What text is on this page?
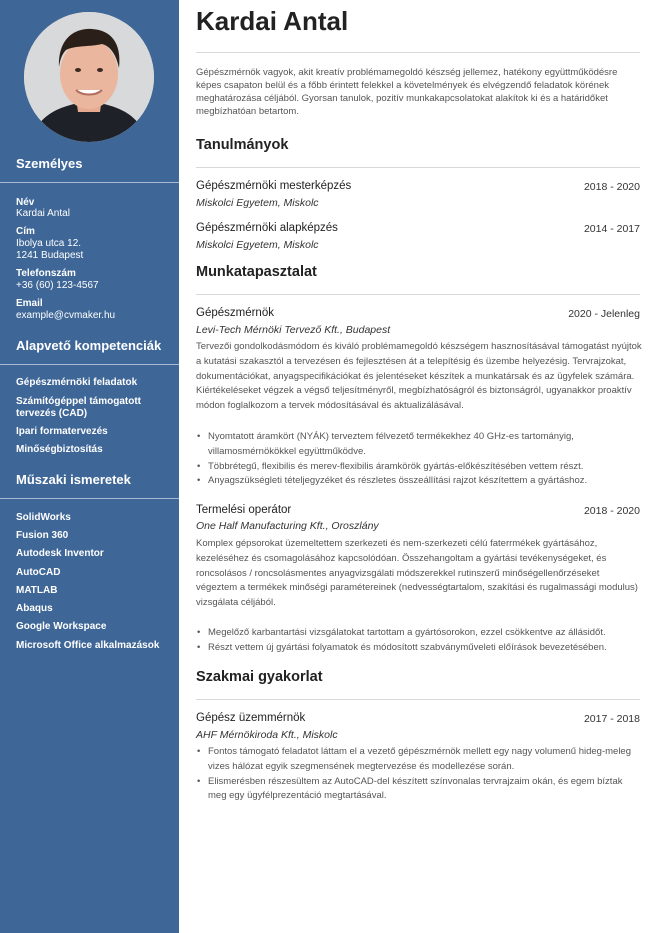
Személyes
Név
Kardai Antal
Cím
Ibolya utca 12.
1241 Budapest
Telefonszám
+36 (60) 123-4567
Email
example@cvmaker.hu
Alapvető kompetenciák
Gépészmérnöki feladatok
Számítógéppel támogatott tervezés (CAD)
Ipari formatervezés
Minőségbiztosítás
Műszaki ismeretek
SolidWorks
Fusion 360
Autodesk Inventor
AutoCAD
MATLAB
Abaqus
Google Workspace
Microsoft Office alkalmazások
Kardai Antal

Gépészmérnök vagyok, akit kreatív problémamegoldó készség jellemez, hatékony együttműködésre képes csapaton belül és a főbb érintett felekkel a követelmények és elvégzendő feladatok körének meghatározása céljából. Gyorsan tanulok, pozitív munkakapcsolatokat alakítok ki és a határidőket megbízhatóan betartom.

Tanulmányok
Gépészmérnöki mesterképzés	2018 - 2020
Miskolci Egyetem, Miskolc
Gépészmérnöki alapképzés	2014 - 2017
Miskolci Egyetem, Miskolc
Munkatapasztalat
Gépészmérnök	2020 - Jelenleg
Levi-Tech Mérnöki Tervező Kft., Budapest

Tervezői gondolkodásmódom és kiváló problémamegoldó készségem hasznosításával támogatást nyújtok a kutatási szakasztól a tervezésen és fejlesztésen át a telepítésig és üzembe helyezésig. Tervrajzokat, dokumentációkat, anyagspecifikációkat és jelentéseket készítek a munkatársak és az ügyfelek számára. Kiértékeléseket végzek a végső teljesítményről, megbízhatóságról és biztonságról, ugyanakkor proaktív módon foglalkozom a tervek módosításával és aktualizálásával.

• Nyomtatott áramkört (NYÁK) terveztem félvezető termékekhez 40 GHz-es tartományig, villamosmérnökökkel együttműködve.
• Többrétegű, flexibilis és merev-flexibilis áramkörök gyártás-előkészítésében vettem részt.
• Anyagszükségleti tételjegyzéket és részletes összeállítási rajzot készítettem a gyártáshoz.
Termelési operátor	2018 - 2020
One Half Manufacturing Kft., Oroszlány

Komplex gépsorokat üzemeltettem szerkezeti és nem-szerkezeti célú faterrmékek gyártásához, kezeléséhez és csomagolásához kapcsolódóan. Összehangoltam a gyártási tevékenységeket, és roncsolásos / roncsolásmentes anyagvizsgálati módszerekkel rutinszerű minőségellenőrzéseket végeztem a termékek minőségi paramétereinek (nedvességtartalom, szakítási és rugalmassági modulus) vizsgálata céljából.

• Megelőző karbantartási vizsgálatokat tartottam a gyártósorokon, ezzel csökkentve az állásidőt.
• Részt vettem új gyártási folyamatok és módosított szabványműveleti előírások bevezetésében.
Szakmai gyakorlat
Gépész üzemmérnök	2017 - 2018
AHF Mérnökiroda Kft., Miskolc
• Fontos támogató feladatot láttam el a vezető gépészmérnök mellett egy nagy volumenű hideg-meleg vizes hálózat egyik szegmensének megtervezése és modellezése során.
• Elismerésben részesültem az AutoCAD-del készített színvonalas tervrajzaim okán, és egem bíztak meg egy ügyfélprezentáció megtartásával.
